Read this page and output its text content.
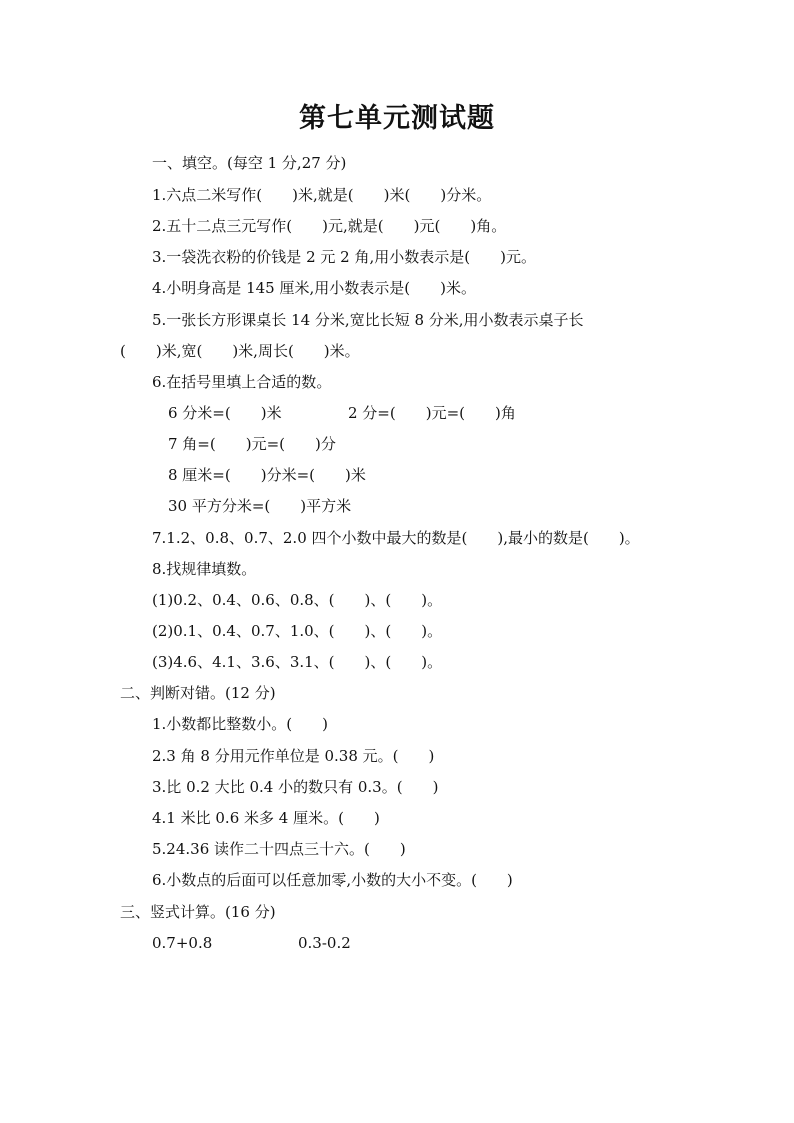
第七单元测试题
一、填空。(每空 1 分,27 分)
1.六点二米写作(　　)米,就是(　　)米(　　)分米。
2.五十二点三元写作(　　)元,就是(　　)元(　　)角。
3.一袋洗衣粉的价钱是 2 元 2 角,用小数表示是(　　)元。
4.小明身高是 145 厘米,用小数表示是(　　)米。
5.一张长方形课桌长 14 分米,宽比长短 8 分米,用小数表示桌子长
(　　)米,宽(　　)米,周长(　　)米。
6.在括号里填上合适的数。
6 分米=(　　)米	2 分=(　　)元=(　　)角
7 角=(　　)元=(　　)分
8 厘米=(　　)分米=(　　)米
30 平方分米=(　　)平方米
7.1.2、0.8、0.7、2.0 四个小数中最大的数是(　　),最小的数是(　　)。
8.找规律填数。
(1)0.2、0.4、0.6、0.8、(　　)、(　　)。
(2)0.1、0.4、0.7、1.0、(　　)、(　　)。
(3)4.6、4.1、3.6、3.1、(　　)、(　　)。
二、判断对错。(12 分)
1.小数都比整数小。(　　)
2.3 角 8 分用元作单位是 0.38 元。(　　)
3.比 0.2 大比 0.4 小的数只有 0.3。(　　)
4.1 米比 0.6 米多 4 厘米。(　　)
5.24.36 读作二十四点三十六。(　　)
6.小数点的后面可以任意加零,小数的大小不变。(　　)
三、竖式计算。(16 分)
0.7+0.8	0.3-0.2
